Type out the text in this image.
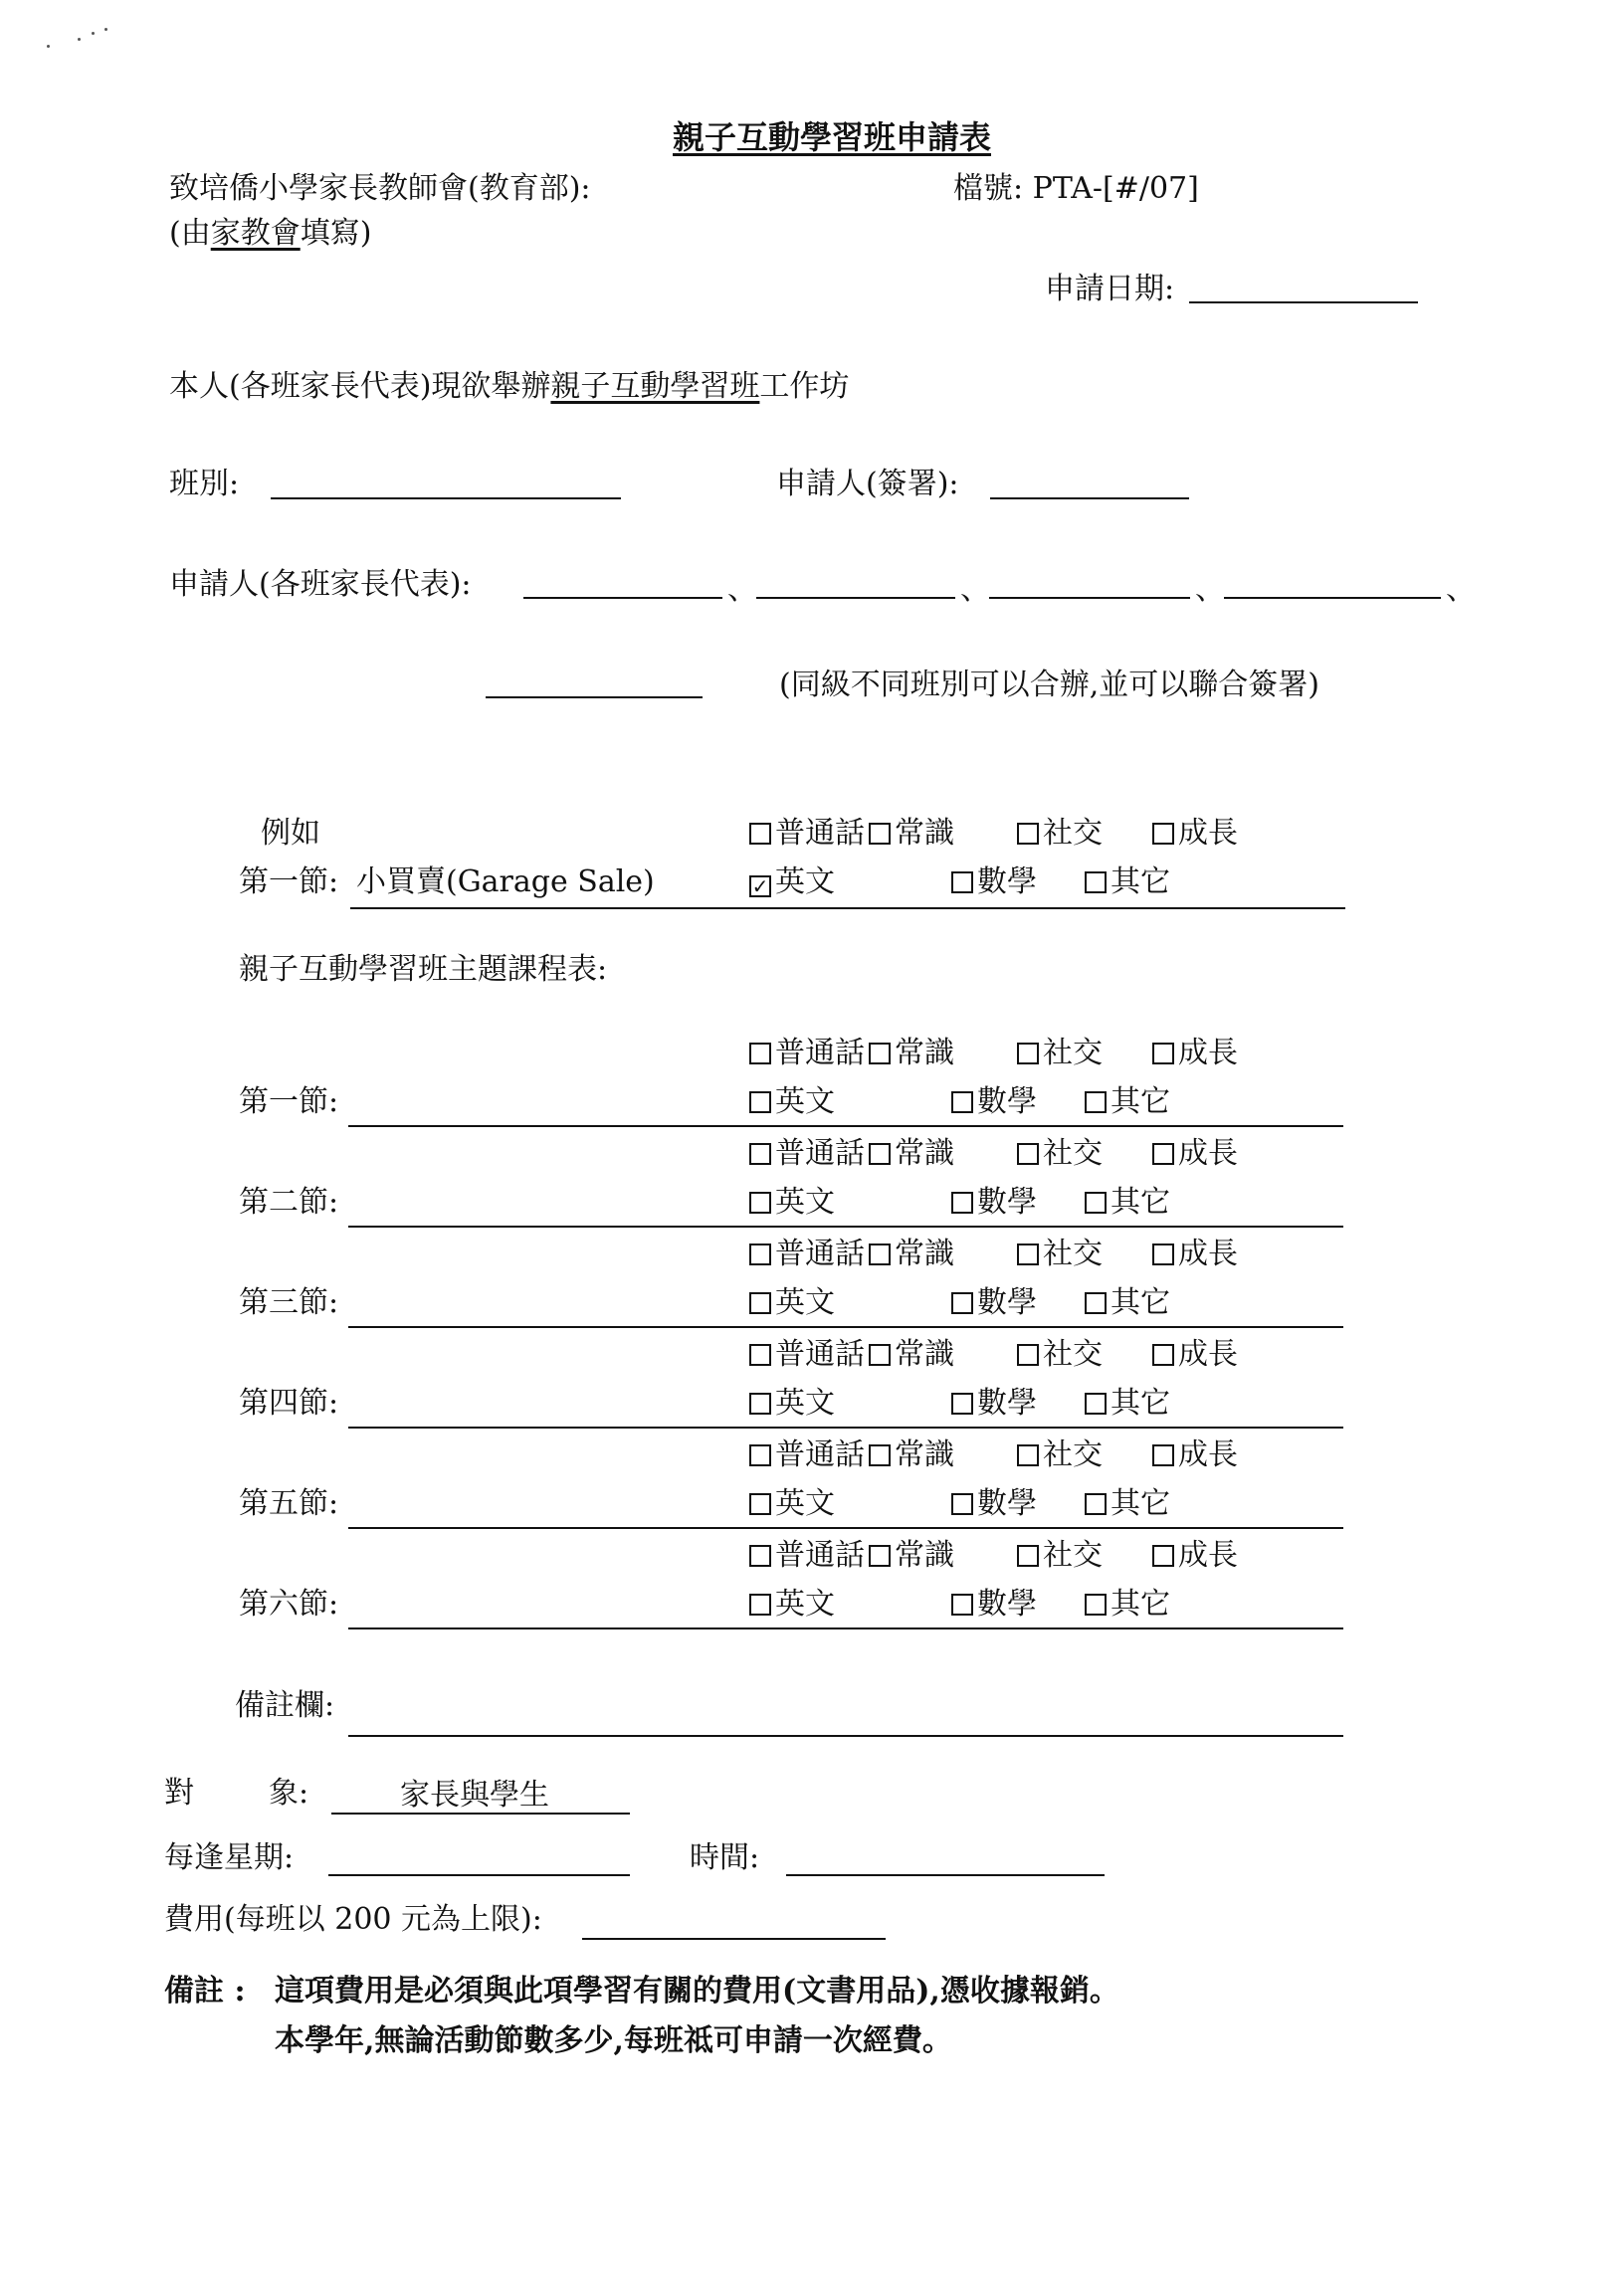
親子互動學習班申請表
致培僑小學家長教師會(教育部):	檔號: PTA-[#/07]
(由家教會填寫)
申請日期:
本人(各班家長代表)現欲舉辦親子互動學習班工作坊
班別:	申請人(簽署):
申請人(各班家長代表):	、	、	、	、
(同級不同班別可以合辦,並可以聯合簽署)
例如	普通話 常識	社交	成長
第一節: 小買賣(Garage Sale)	✓ 英文	數學	其它
親子互動學習班主題課程表:
普通話 常識	社交	成長
第一節:	英文	數學	其它
普通話 常識	社交	成長
第二節:	英文	數學	其它
普通話 常識	社交	成長
第三節:	英文	數學	其它
普通話 常識	社交	成長
第四節:	英文	數學	其它
普通話 常識	社交	成長
第五節:	英文	數學	其它
普通話 常識	社交	成長
第六節:	英文	數學	其它
備註欄:
對	象:	家長與學生
每逢星期:	時間:
費用(每班以 200 元為上限):
備註 : 這項費用是必須與此項學習有關的費用(文書用品),憑收據報銷。
本學年,無論活動節數多少,每班祗可申請一次經費。
